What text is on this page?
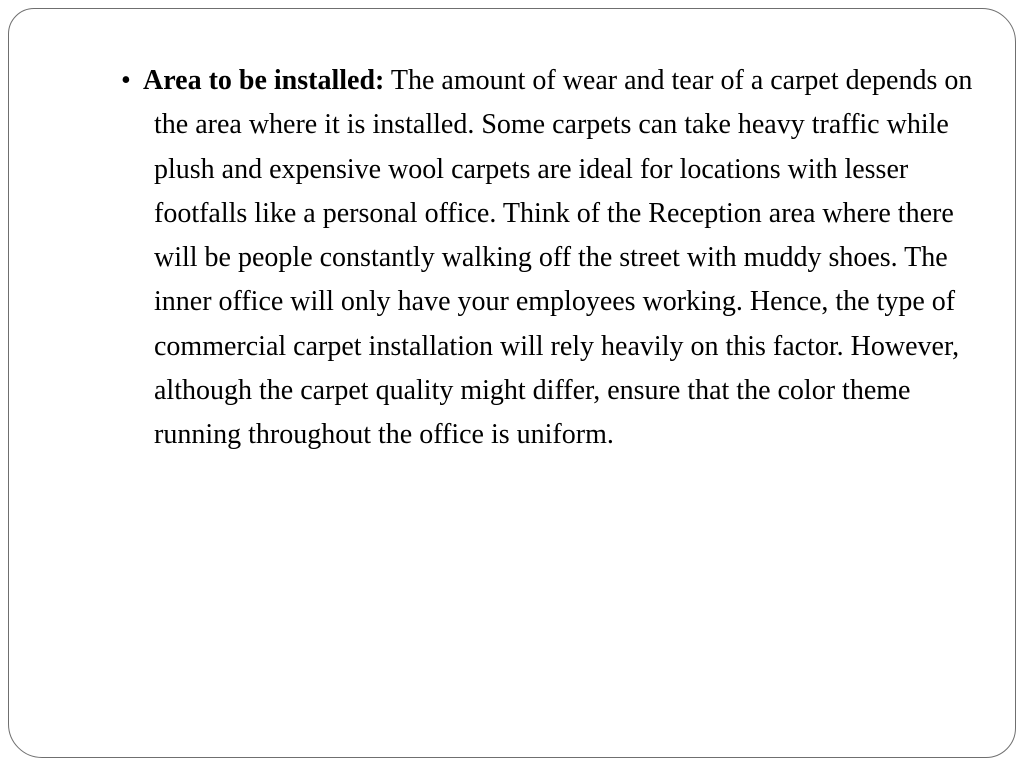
• Area to be installed: The amount of wear and tear of a carpet depends on the area where it is installed. Some carpets can take heavy traffic while plush and expensive wool carpets are ideal for locations with lesser footfalls like a personal office. Think of the Reception area where there will be people constantly walking off the street with muddy shoes. The inner office will only have your employees working. Hence, the type of commercial carpet installation will rely heavily on this factor. However, although the carpet quality might differ, ensure that the color theme running throughout the office is uniform.
